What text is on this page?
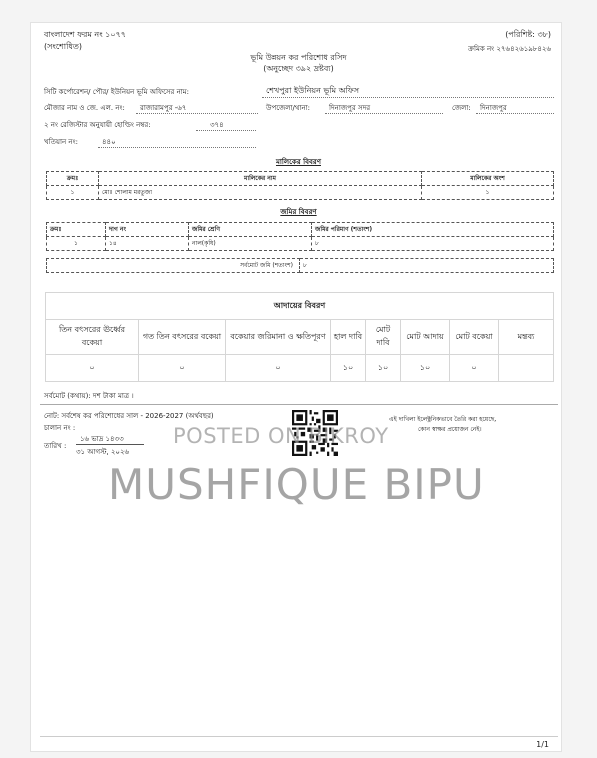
বাংলাদেশ ফরম নং ১০৭৭
(সংশোধিত)
(পরিশিষ্ট: ৩৮)
ক্রমিক নং ২৭৬৪২৬১৯৮৪২৬
ভূমি উন্নয়ন কর পরিশোধ রসিদ
(অনুচ্ছেদ ৩৯২ দ্রষ্টব্য)
সিটি কর্পোরেশন/ পৌর/ ইউনিয়ন ভূমি অফিসের নাম:	শেখপুরা ইউনিয়ন ভূমি অফিস
মৌজার নাম ও জে. এল. নং: রাজারামপুর -৬৭	উপজেলা/থানা:	দিনাজপুর সদর	জেলা: দিনাজপুর
২ নং রেজিস্টার অনুযায়ী হোল্ডিং নম্বর:	৩৭৪
খতিয়ান নং:	৪৪০
মালিকের বিবরণ
ক্রমঃ	মালিকের নাম	মালিকের অংশ
১	মোঃ শোলাম মরতুজা	১
জমির বিবরণ
ক্রমঃ	দাগ নং	জমির শ্রেণি	জমির পরিমাণ (শতাংশ)
১	১৪	নাল(কৃষি)	৮
সর্বমোট জমি (শতাংশ)	৮
আদায়ের বিবরণ							
তিন বৎসরের ঊর্ধ্বের বকেয়া	গত তিন বৎসরের বকেয়া	বকেয়ার জরিমানা ও ক্ষতিপূরণ	হাল দাবি	মোট দাবি	মোট আদায়	মোট বকেয়া	মন্তব্য
০	০	০	১০	১০	১০	০	
সর্বমোট (কথায়): দশ টাকা মাত্র ।
নোট: সর্বশেষ কর পরিশোধের সাল - 2026-2027 (অর্থবছর)
চালান নং :
তারিখ :
১৬ ভাদ্র ১৪৩৩
৩১ আগস্ট, ২০২৬
এই দাখিলা ইলেক্ট্রনিকভাবে তৈরি করা হয়েছে,
কোন স্বাক্ষর প্রয়োজন নেই।
1/1
POSTED ON BIKROY
MUSHFIQUE BIPU
